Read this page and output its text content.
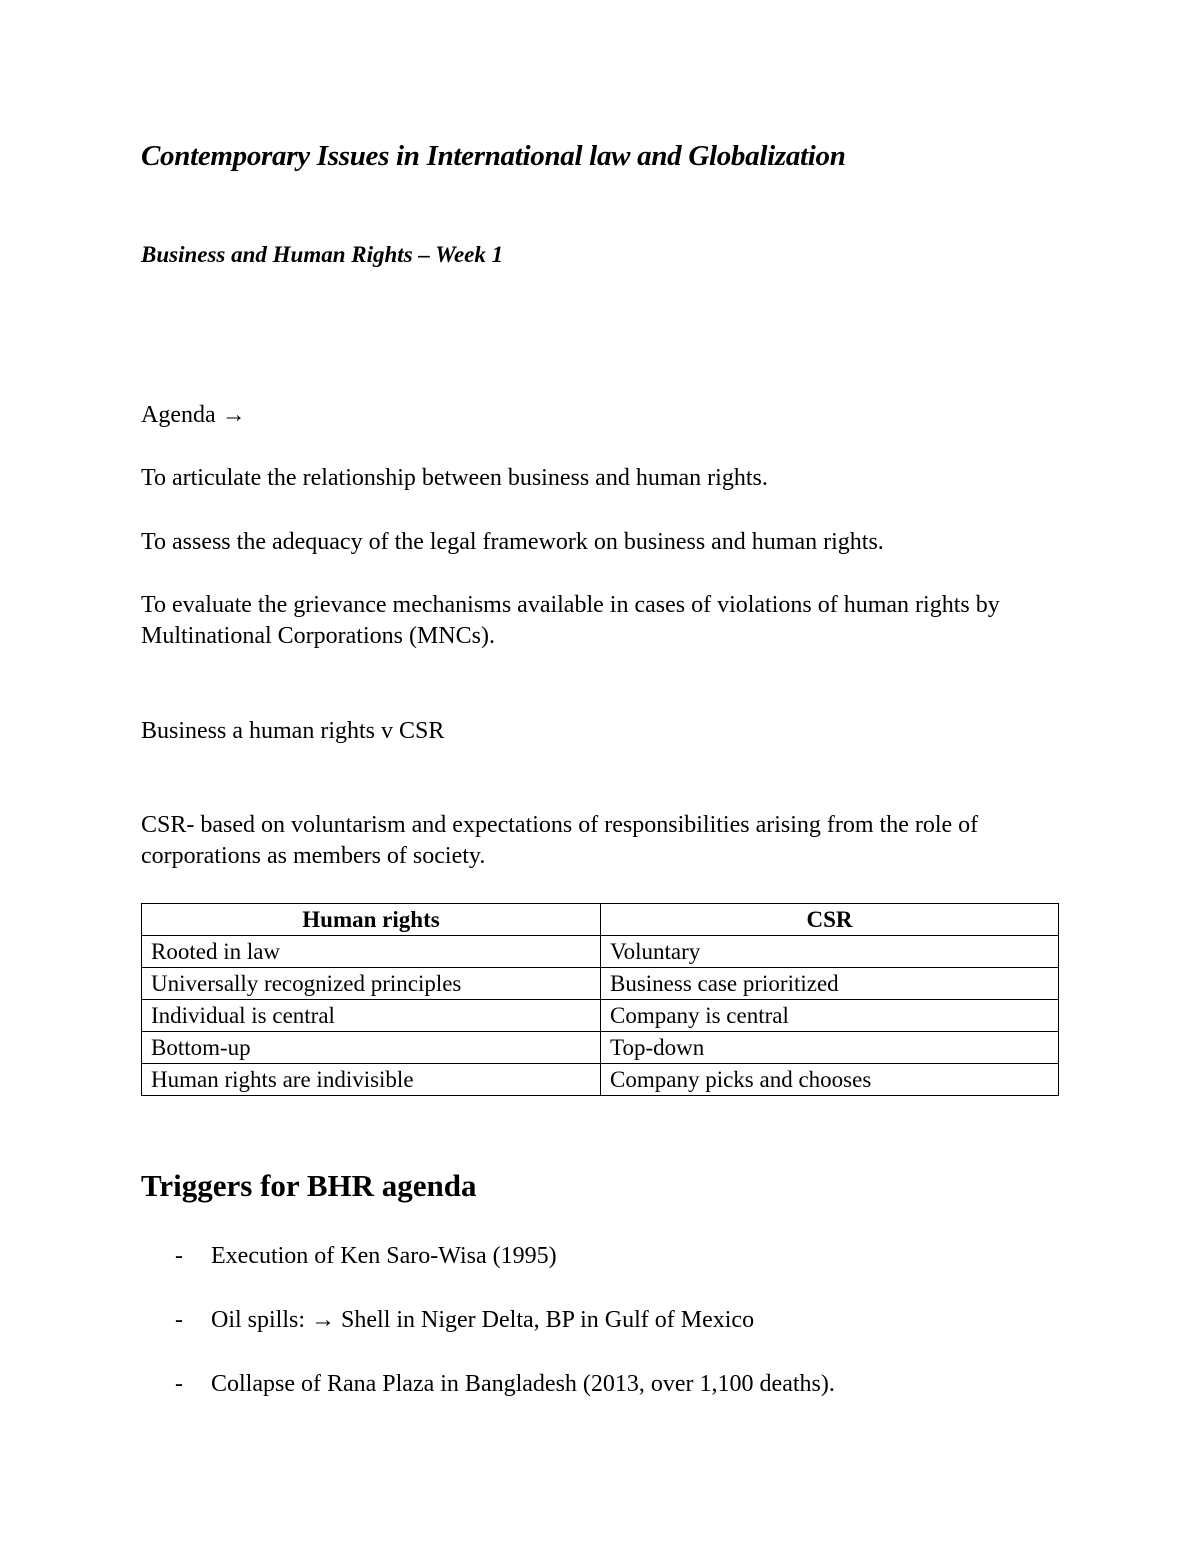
Contemporary Issues in International law and Globalization

Business and Human Rights – Week 1

Agenda →

To articulate the relationship between business and human rights.

To assess the adequacy of the legal framework on business and human rights.

To evaluate the grievance mechanisms available in cases of violations of human rights by Multinational Corporations (MNCs).

Business a human rights v CSR

CSR- based on voluntarism and expectations of responsibilities arising from the role of corporations as members of society.

Human rights	CSR
Rooted in law	Voluntary
Universally recognized principles	Business case prioritized
Individual is central	Company is central
Bottom-up	Top-down
Human rights are indivisible	Company picks and chooses

Triggers for BHR agenda

- Execution of Ken Saro-Wisa (1995)
- Oil spills: → Shell in Niger Delta, BP in Gulf of Mexico
- Collapse of Rana Plaza in Bangladesh (2013, over 1,100 deaths).
